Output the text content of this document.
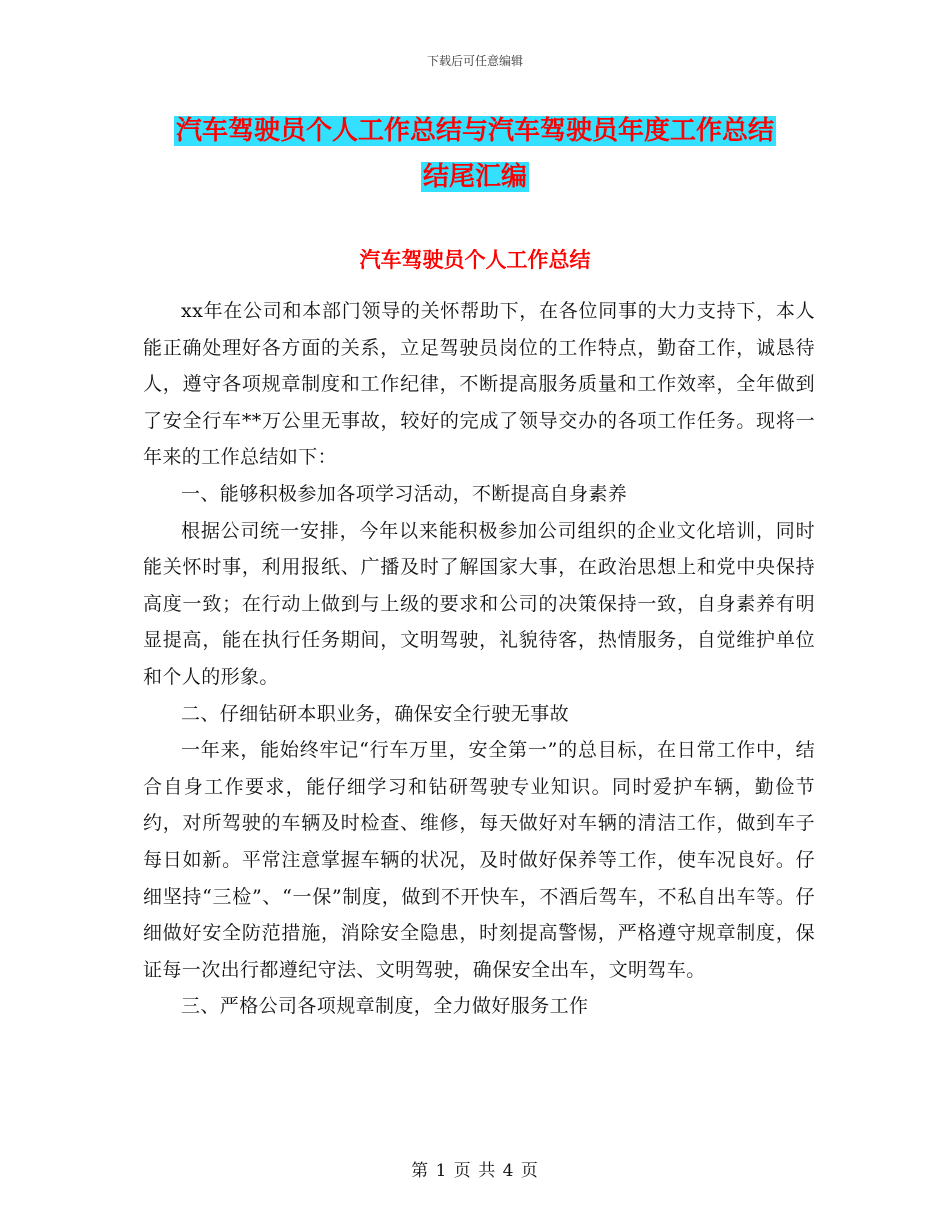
下载后可任意编辑
汽车驾驶员个人工作总结与汽车驾驶员年度工作总结
结尾汇编
汽车驾驶员个人工作总结

xx年在公司和本部门领导的关怀帮助下，在各位同事的大力支持下，本人能正确处理好各方面的关系，立足驾驶员岗位的工作特点，勤奋工作，诚恳待人，遵守各项规章制度和工作纪律，不断提高服务质量和工作效率，全年做到了安全行车**万公里无事故，较好的完成了领导交办的各项工作任务。现将一年来的工作总结如下：

一、能够积极参加各项学习活动，不断提高自身素养

根据公司统一安排，今年以来能积极参加公司组织的企业文化培训，同时能关怀时事，利用报纸、广播及时了解国家大事，在政治思想上和党中央保持高度一致；在行动上做到与上级的要求和公司的决策保持一致，自身素养有明显提高，能在执行任务期间，文明驾驶，礼貌待客，热情服务，自觉维护单位和个人的形象。

二、仔细钻研本职业务，确保安全行驶无事故

一年来，能始终牢记“行车万里，安全第一”的总目标，在日常工作中，结合自身工作要求，能仔细学习和钻研驾驶专业知识。同时爱护车辆，勤俭节约，对所驾驶的车辆及时检查、维修，每天做好对车辆的清洁工作，做到车子每日如新。平常注意掌握车辆的状况，及时做好保养等工作，使车况良好。仔细坚持“三检”、“一保”制度，做到不开快车，不酒后驾车，不私自出车等。仔细做好安全防范措施，消除安全隐患，时刻提高警惕，严格遵守规章制度，保证每一次出行都遵纪守法、文明驾驶，确保安全出车，文明驾车。

三、严格公司各项规章制度，全力做好服务工作

第 1 页 共 4 页
